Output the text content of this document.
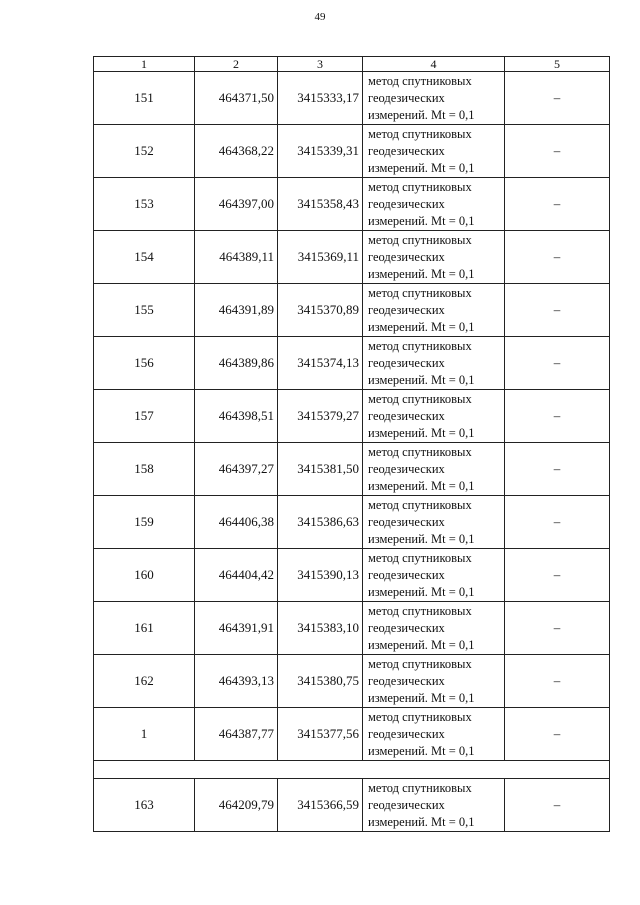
49
1	2	3	4	5
151	464371,50	3415333,17	метод спутниковых
геодезических
измерений. Mt = 0,1	–
152	464368,22	3415339,31	метод спутниковых
геодезических
измерений. Mt = 0,1	–
153	464397,00	3415358,43	метод спутниковых
геодезических
измерений. Mt = 0,1	–
154	464389,11	3415369,11	метод спутниковых
геодезических
измерений. Mt = 0,1	–
155	464391,89	3415370,89	метод спутниковых
геодезических
измерений. Mt = 0,1	–
156	464389,86	3415374,13	метод спутниковых
геодезических
измерений. Mt = 0,1	–
157	464398,51	3415379,27	метод спутниковых
геодезических
измерений. Mt = 0,1	–
158	464397,27	3415381,50	метод спутниковых
геодезических
измерений. Mt = 0,1	–
159	464406,38	3415386,63	метод спутниковых
геодезических
измерений. Mt = 0,1	–
160	464404,42	3415390,13	метод спутниковых
геодезических
измерений. Mt = 0,1	–
161	464391,91	3415383,10	метод спутниковых
геодезических
измерений. Mt = 0,1	–
162	464393,13	3415380,75	метод спутниковых
геодезических
измерений. Mt = 0,1	–
1	464387,77	3415377,56	метод спутниковых
геодезических
измерений. Mt = 0,1	–

163	464209,79	3415366,59	метод спутниковых
геодезических
измерений. Mt = 0,1	–
